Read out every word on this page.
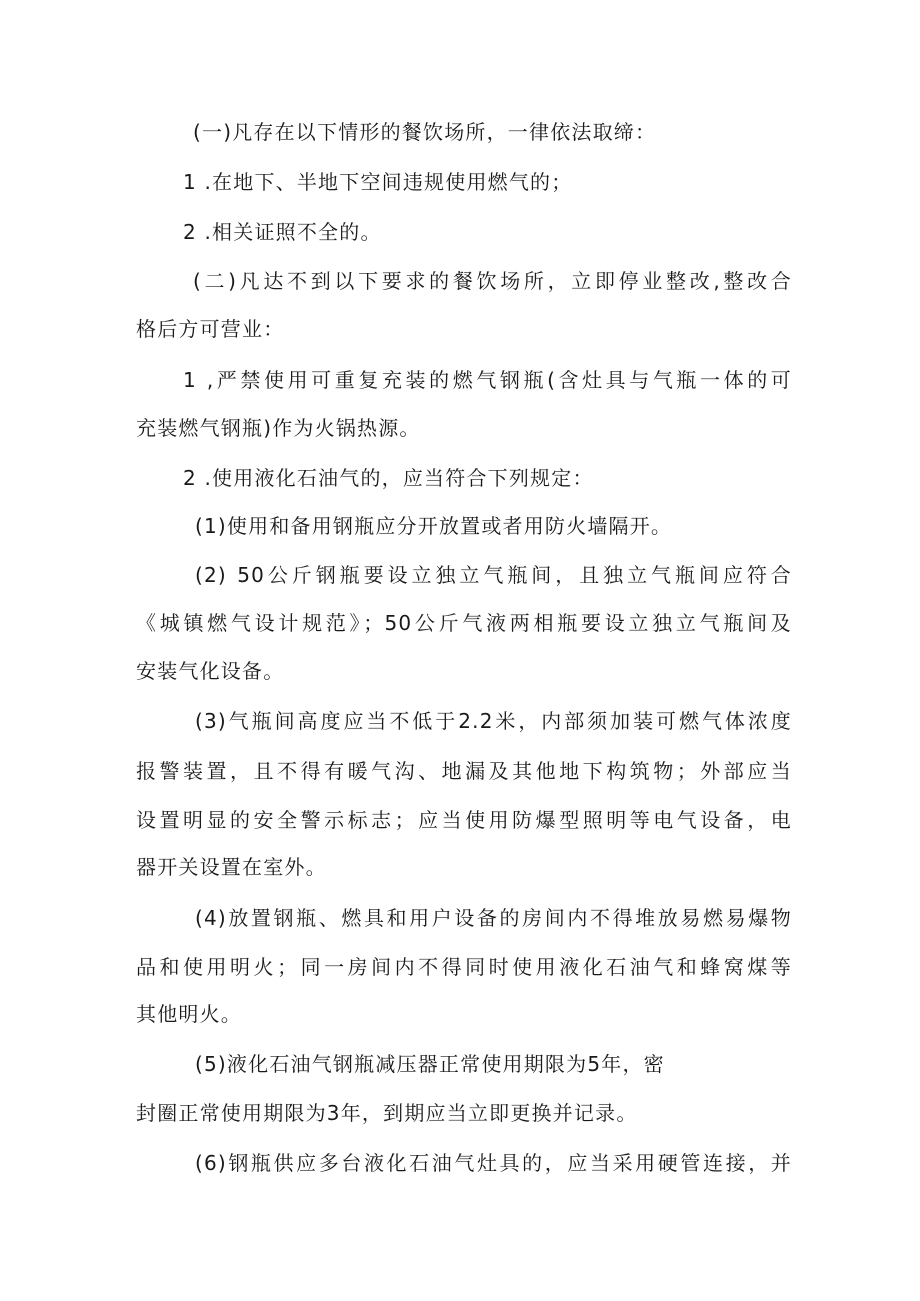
(一)凡存在以下情形的餐饮场所，一律依法取缔：
1 .在地下、半地下空间违规使用燃气的；
2 .相关证照不全的。
(二)凡达不到以下要求的餐饮场所，立即停业整改,整改合
格后方可营业：
1 ,严禁使用可重复充装的燃气钢瓶(含灶具与气瓶一体的可
充装燃气钢瓶)作为火锅热源。
2 .使用液化石油气的，应当符合下列规定：
(1)使用和备用钢瓶应分开放置或者用防火墙隔开。
(2) 50公斤钢瓶要设立独立气瓶间，且独立气瓶间应符合
《城镇燃气设计规范》；50公斤气液两相瓶要设立独立气瓶间及
安装气化设备。
(3)气瓶间高度应当不低于2.2米，内部须加装可燃气体浓度
报警装置，且不得有暖气沟、地漏及其他地下构筑物；外部应当
设置明显的安全警示标志；应当使用防爆型照明等电气设备，电
器开关设置在室外。
(4)放置钢瓶、燃具和用户设备的房间内不得堆放易燃易爆物
品和使用明火；同一房间内不得同时使用液化石油气和蜂窝煤等
其他明火。
(5)液化石油气钢瓶减压器正常使用期限为5年，密
封圈正常使用期限为3年，到期应当立即更换并记录。
(6)钢瓶供应多台液化石油气灶具的，应当采用硬管连接，并
